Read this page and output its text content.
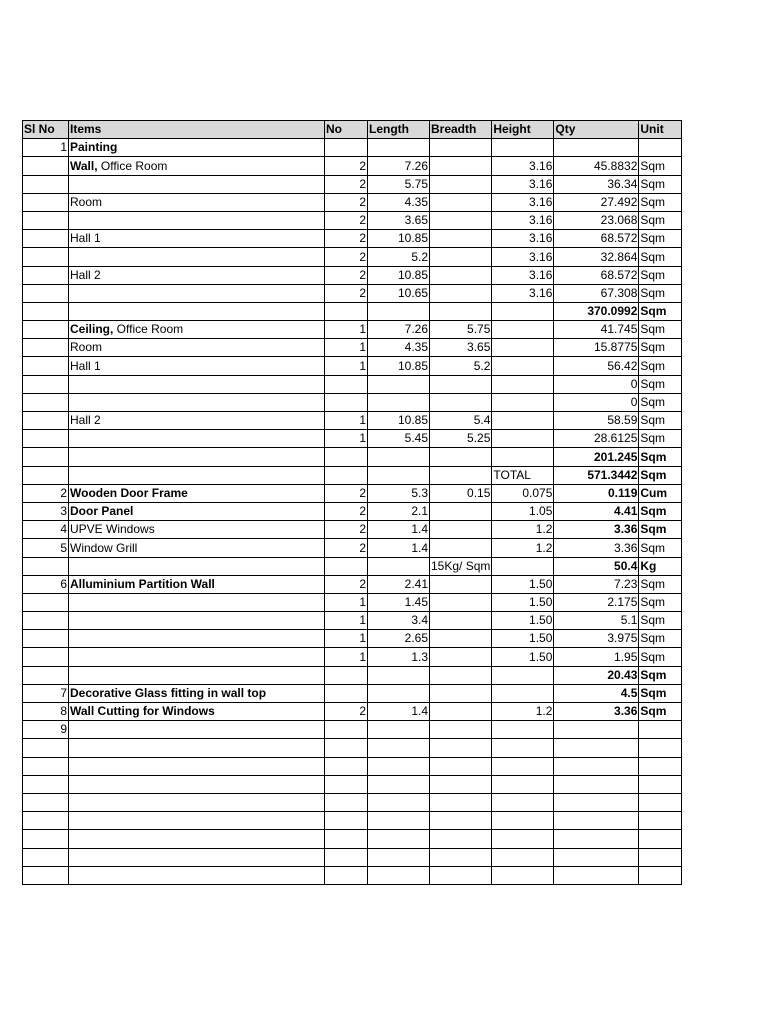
Sl No	Items	No	Length	Breadth	Height	Qty	Unit
1	Painting						
	Wall, Office Room	2	7.26		3.16	45.8832	Sqm
		2	5.75		3.16	36.34	Sqm
	Room	2	4.35		3.16	27.492	Sqm
		2	3.65		3.16	23.068	Sqm
	Hall 1	2	10.85		3.16	68.572	Sqm
		2	5.2		3.16	32.864	Sqm
	Hall 2	2	10.85		3.16	68.572	Sqm
		2	10.65		3.16	67.308	Sqm
						370.0992	Sqm
	Ceiling, Office Room	1	7.26	5.75		41.745	Sqm
	Room	1	4.35	3.65		15.8775	Sqm
	Hall 1	1	10.85	5.2		56.42	Sqm
						0	Sqm
						0	Sqm
	Hall 2	1	10.85	5.4		58.59	Sqm
		1	5.45	5.25		28.6125	Sqm
						201.245	Sqm
					TOTAL	571.3442	Sqm
2	Wooden Door Frame	2	5.3	0.15	0.075	0.119	Cum
3	Door Panel	2	2.1		1.05	4.41	Sqm
4	UPVE Windows	2	1.4		1.2	3.36	Sqm
5	Window Grill	2	1.4		1.2	3.36	Sqm
				15Kg/ Sqm		50.4	Kg
6	Alluminium Partition Wall	2	2.41		1.50	7.23	Sqm
		1	1.45		1.50	2.175	Sqm
		1	3.4		1.50	5.1	Sqm
		1	2.65		1.50	3.975	Sqm
		1	1.3		1.50	1.95	Sqm
						20.43	Sqm
7	Decorative Glass fitting in wall top					4.5	Sqm
8	Wall Cutting for Windows	2	1.4		1.2	3.36	Sqm
9							
